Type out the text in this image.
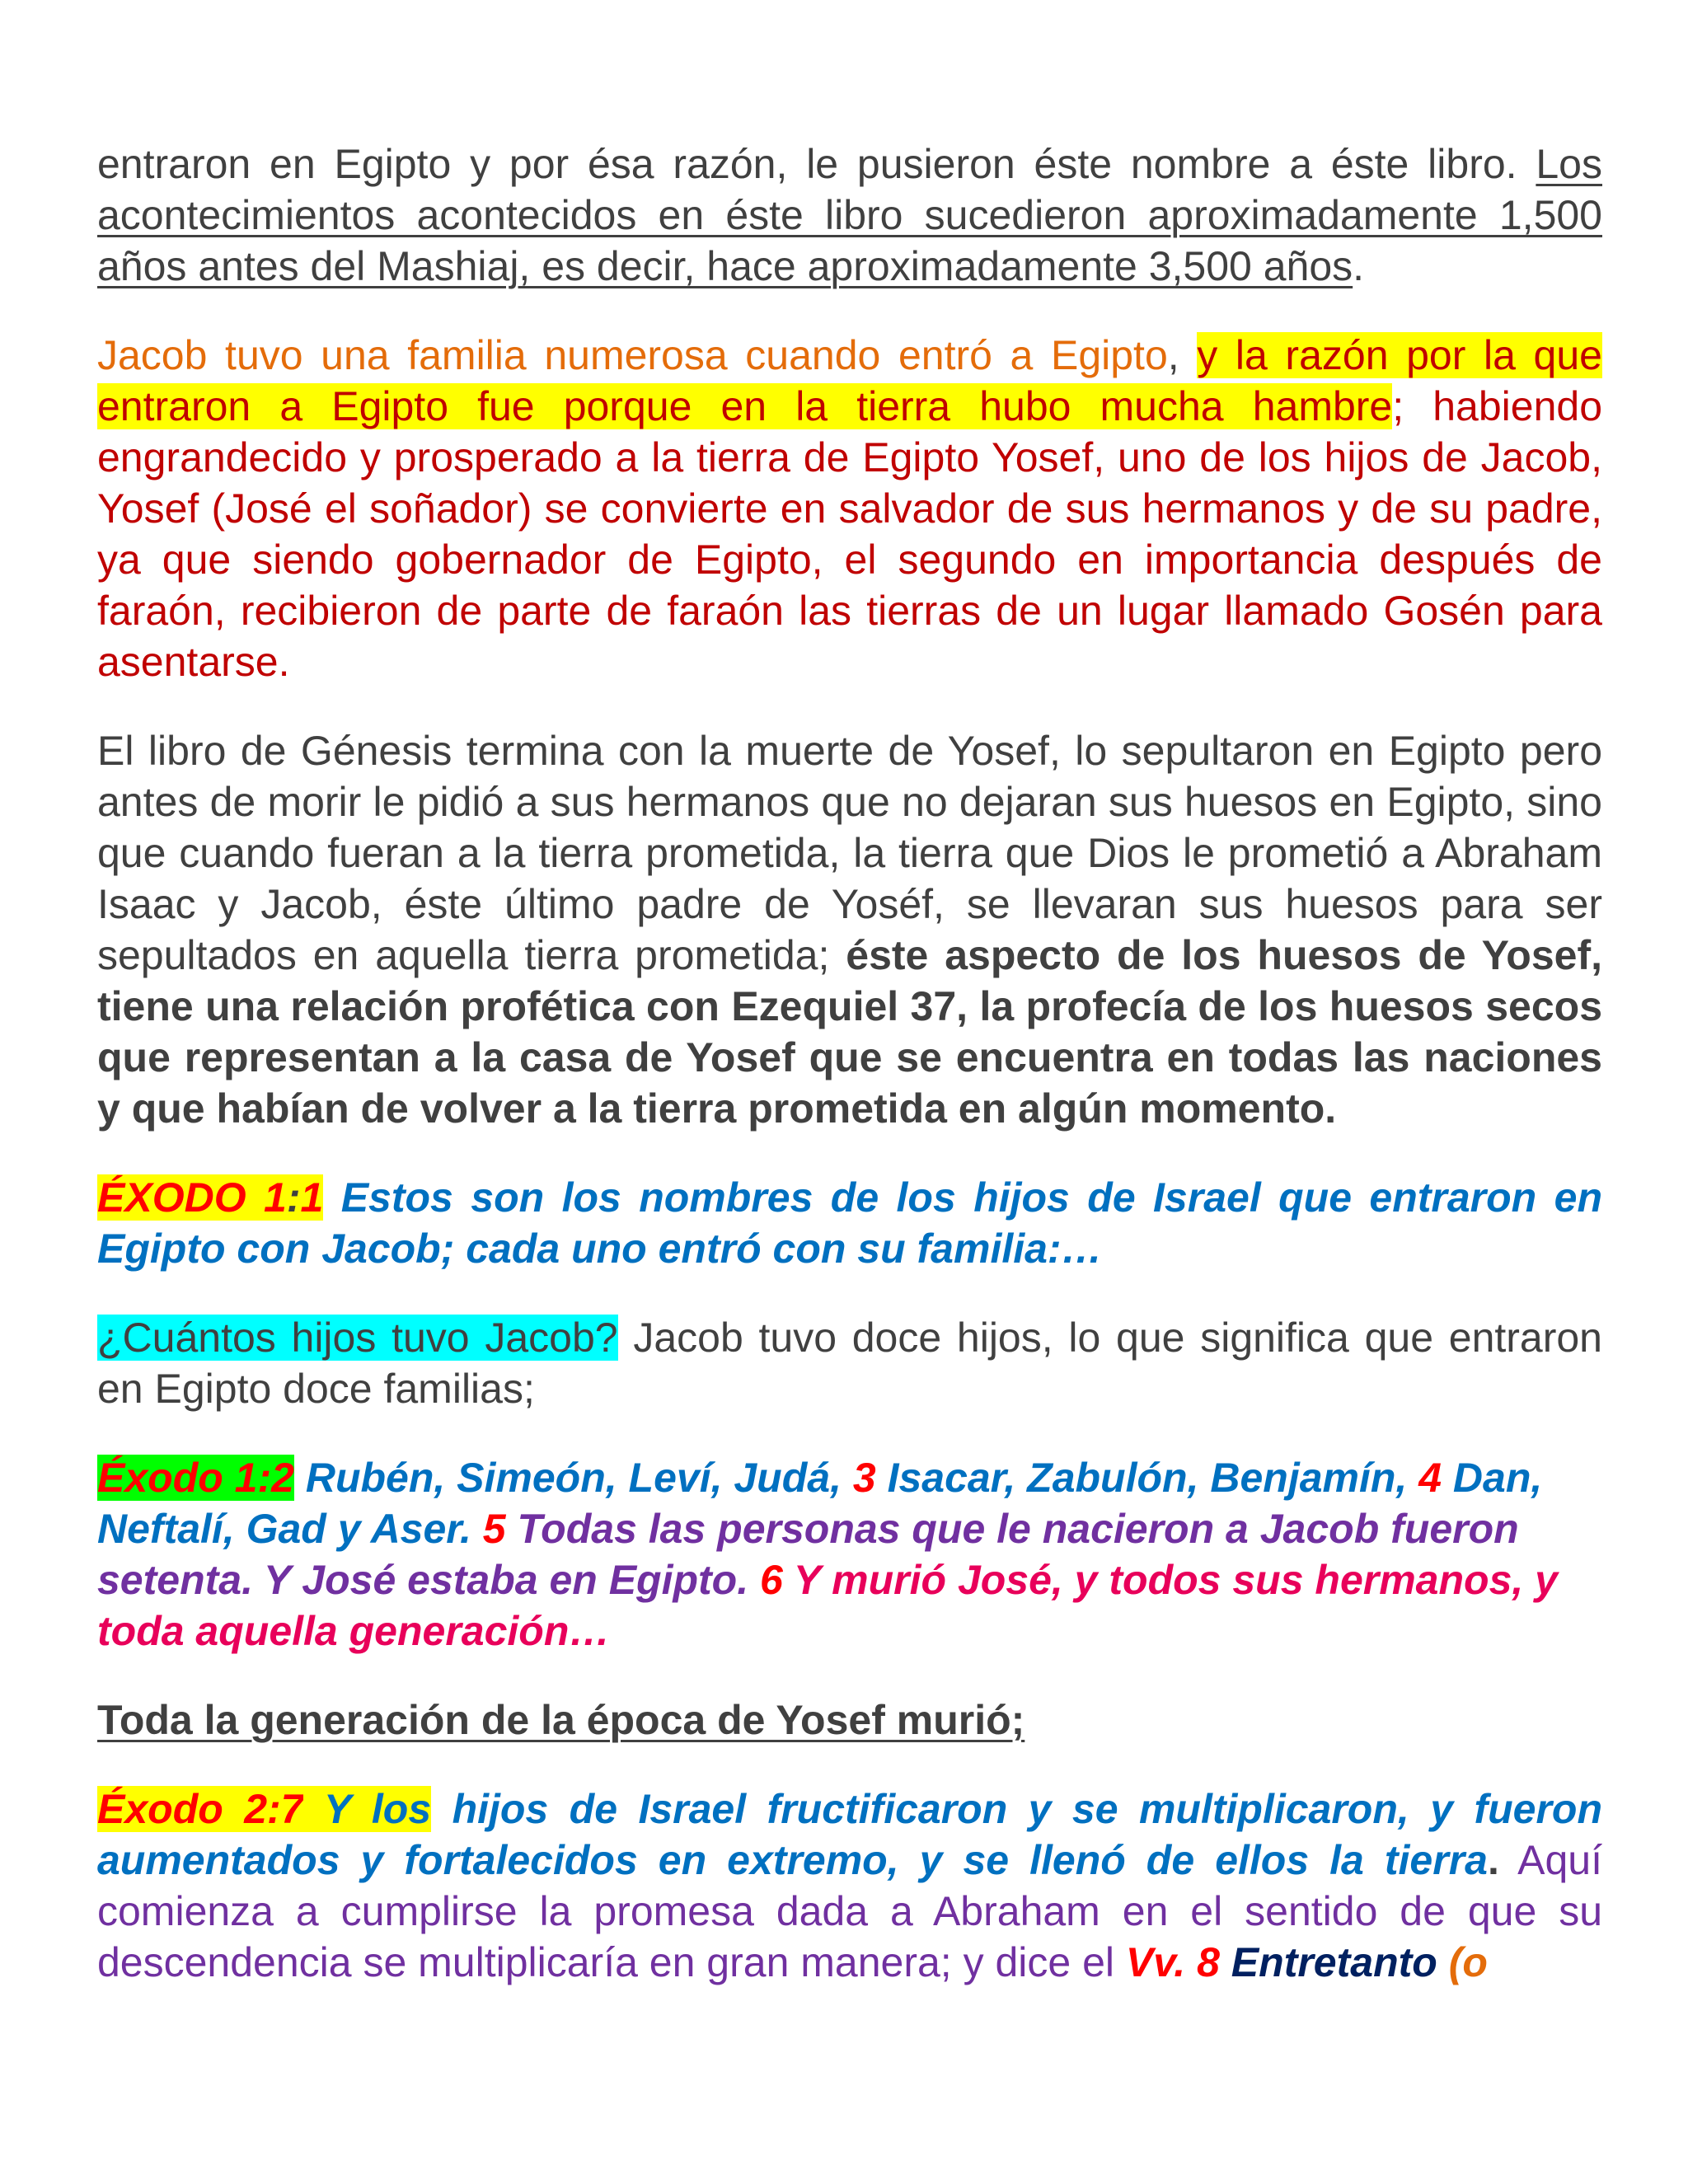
entraron en Egipto y por ésa razón, le pusieron éste nombre a éste libro. Los acontecimientos acontecidos en éste libro sucedieron aproximadamente 1,500 años antes del Mashiaj, es decir, hace aproximadamente 3,500 años.

Jacob tuvo una familia numerosa cuando entró a Egipto, y la razón por la que entraron a Egipto fue porque en la tierra hubo mucha hambre; habiendo engrandecido y prosperado a la tierra de Egipto Yosef, uno de los hijos de Jacob, Yosef (José el soñador) se convierte en salvador de sus hermanos y de su padre, ya que siendo gobernador de Egipto, el segundo en importancia después de faraón, recibieron de parte de faraón las tierras de un lugar llamado Gosén para asentarse.

El libro de Génesis termina con la muerte de Yosef, lo sepultaron en Egipto pero antes de morir le pidió a sus hermanos que no dejaran sus huesos en Egipto, sino que cuando fueran a la tierra prometida, la tierra que Dios le prometió a Abraham Isaac y Jacob, éste último padre de Yoséf, se llevaran sus huesos para ser sepultados en aquella tierra prometida; éste aspecto de los huesos de Yosef, tiene una relación profética con Ezequiel 37, la profecía de los huesos secos que representan a la casa de Yosef que se encuentra en todas las naciones y que habían de volver a la tierra prometida en algún momento.

ÉXODO 1:1 Estos son los nombres de los hijos de Israel que entraron en Egipto con Jacob; cada uno entró con su familia:…

¿Cuántos hijos tuvo Jacob? Jacob tuvo doce hijos, lo que significa que entraron en Egipto doce familias;

Éxodo 1:2 Rubén, Simeón, Leví, Judá, 3 Isacar, Zabulón, Benjamín, 4 Dan, Neftalí, Gad y Aser. 5 Todas las personas que le nacieron a Jacob fueron setenta. Y José estaba en Egipto. 6 Y murió José, y todos sus hermanos, y toda aquella generación…

Toda la generación de la época de Yosef murió;

Éxodo 2:7 Y los hijos de Israel fructificaron y se multiplicaron, y fueron aumentados y fortalecidos en extremo, y se llenó de ellos la tierra. Aquí comienza a cumplirse la promesa dada a Abraham en el sentido de que su descendencia se multiplicaría en gran manera; y dice el Vv. 8 Entretanto (o
